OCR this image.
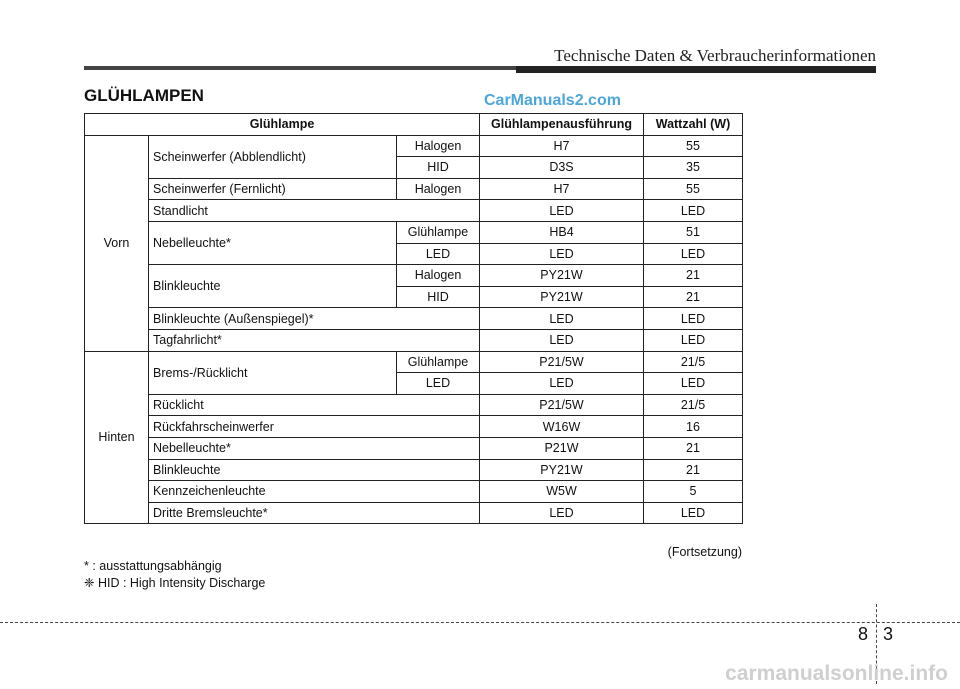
Technische Daten & Verbraucherinformationen
GLÜHLAMPEN	CarManuals2.com
Glühlampe			Glühlampenausführung	Wattzahl (W)
Vorn	Scheinwerfer (Abblendlicht)	Halogen	H7	55
		HID	D3S	35
	Scheinwerfer (Fernlicht)	Halogen	H7	55
	Standlicht		LED	LED
	Nebelleuchte*	Glühlampe	HB4	51
		LED	LED	LED
	Blinkleuchte	Halogen	PY21W	21
		HID	PY21W	21
	Blinkleuchte (Außenspiegel)*		LED	LED
	Tagfahrlicht*		LED	LED
Hinten	Brems-/Rücklicht	Glühlampe	P21/5W	21/5
		LED	LED	LED
	Rücklicht		P21/5W	21/5
	Rückfahrscheinwerfer		W16W	16
	Nebelleuchte*		P21W	21
	Blinkleuchte		PY21W	21
	Kennzeichenleuchte		W5W	5
	Dritte Bremsleuchte*		LED	LED
(Fortsetzung)
* : ausstattungsabhängig
❈ HID : High Intensity Discharge
8 3
carmanualsonline.info
